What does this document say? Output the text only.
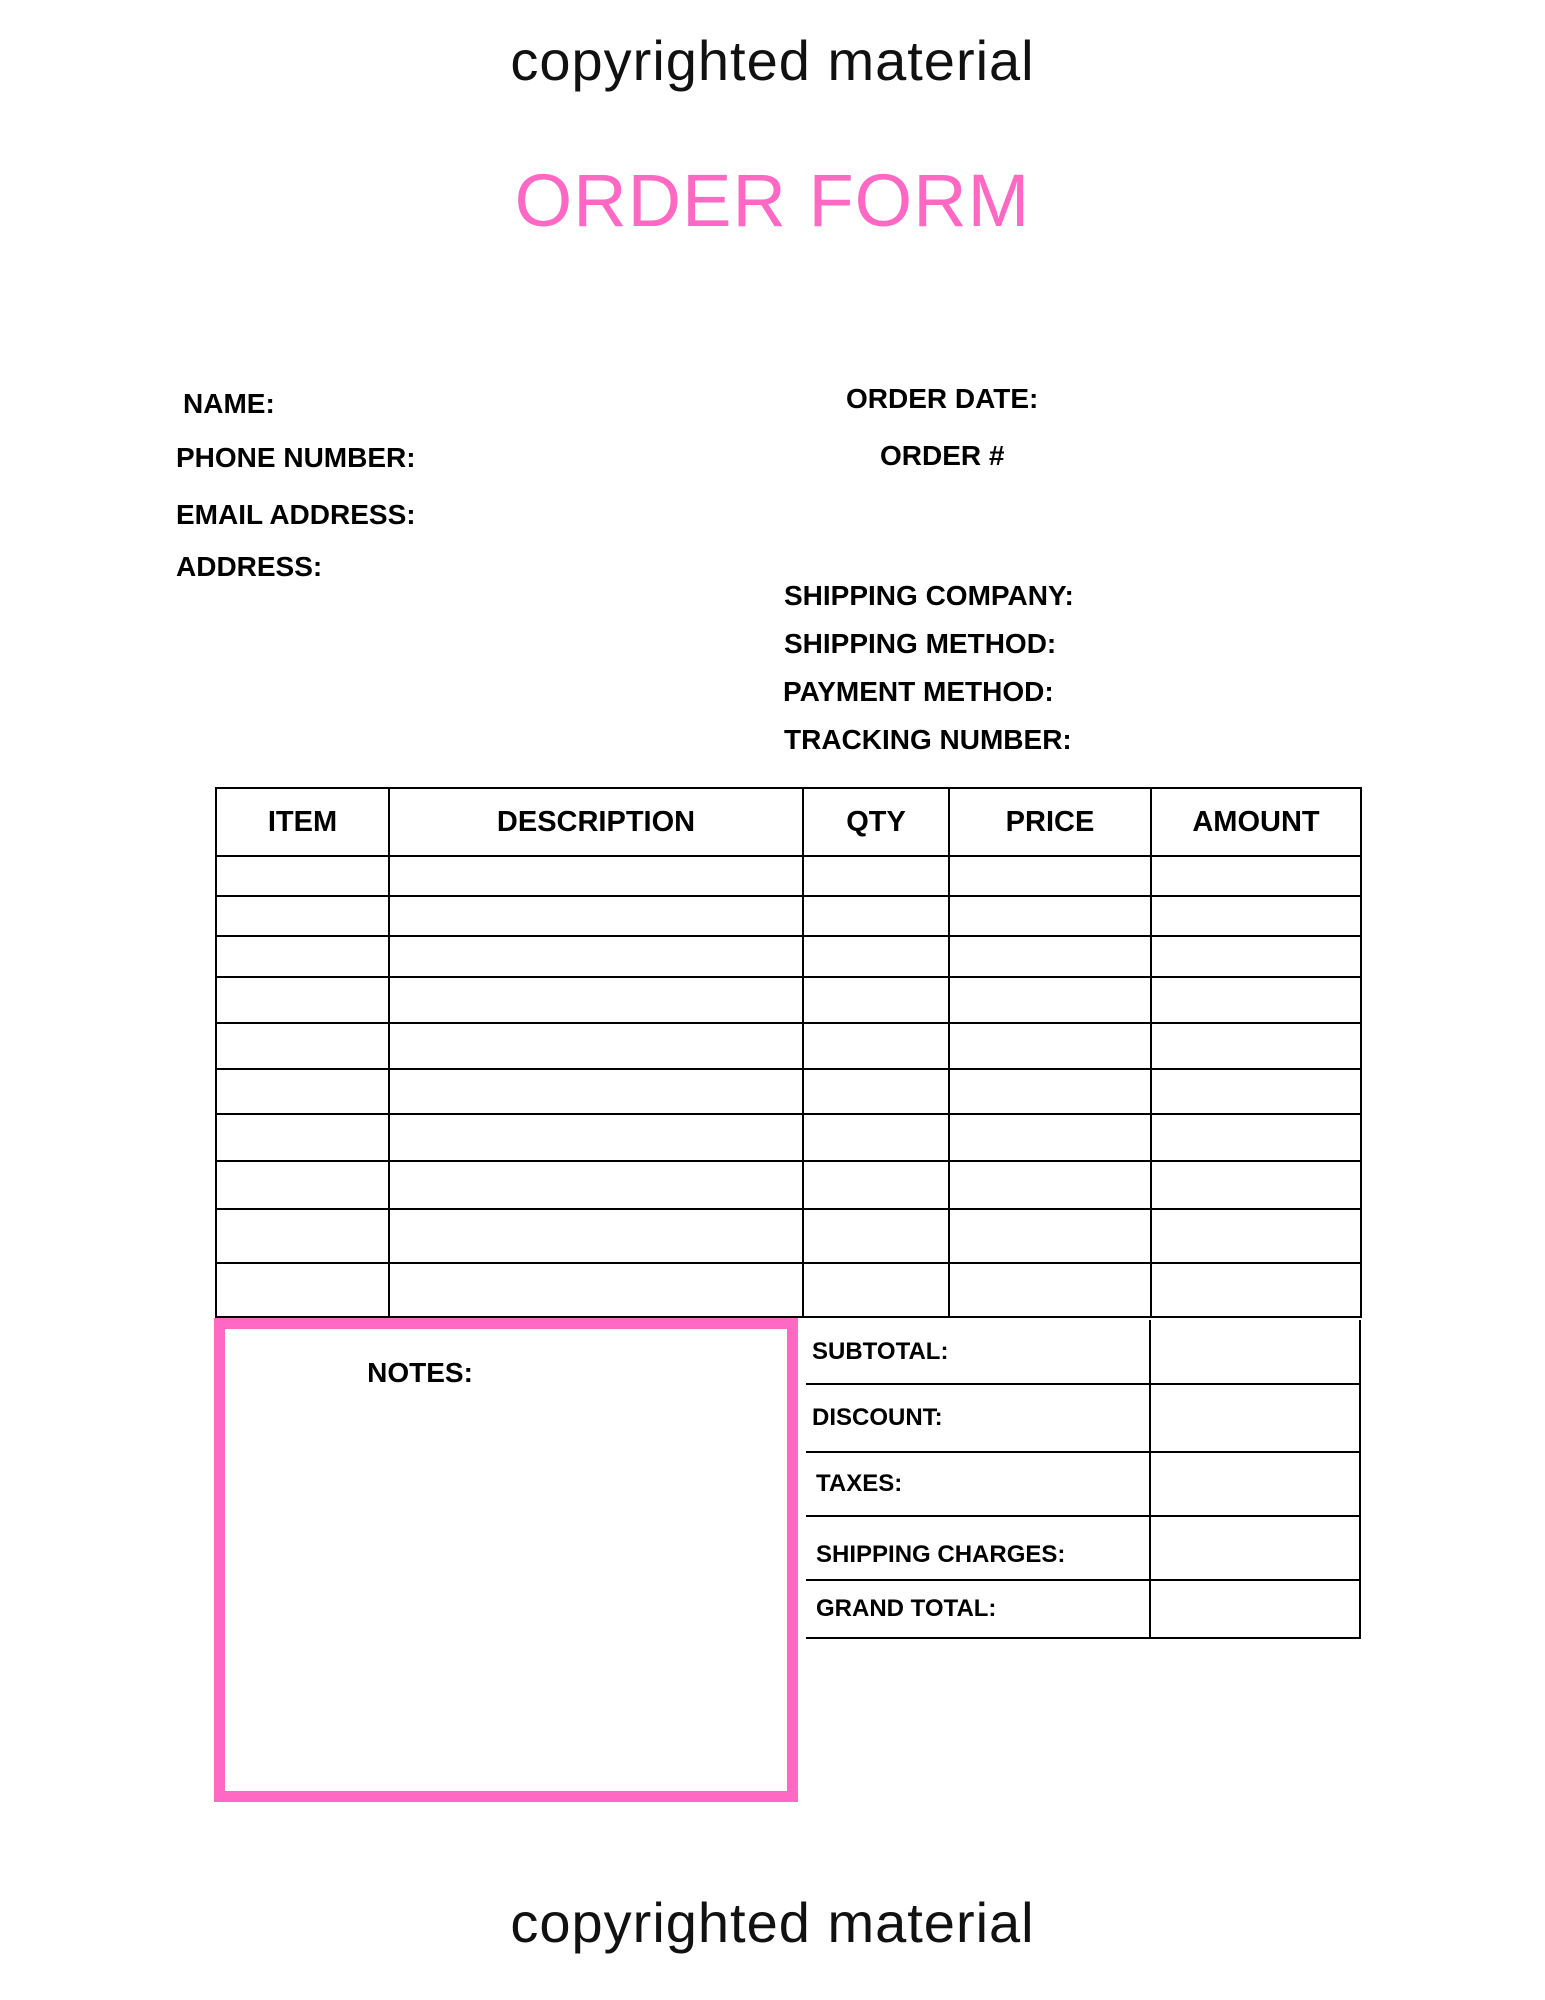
copyrighted material
ORDER FORM
NAME:
PHONE NUMBER:
EMAIL ADDRESS:
ADDRESS:
ORDER DATE:
ORDER #
SHIPPING COMPANY:
SHIPPING METHOD:
PAYMENT METHOD:
TRACKING NUMBER:
ITEM	DESCRIPTION	QTY	PRICE	AMOUNT

SUBTOTAL:	
DISCOUNT:	
TAXES:	
SHIPPING CHARGES:	
GRAND TOTAL:	
NOTES:
copyrighted material
